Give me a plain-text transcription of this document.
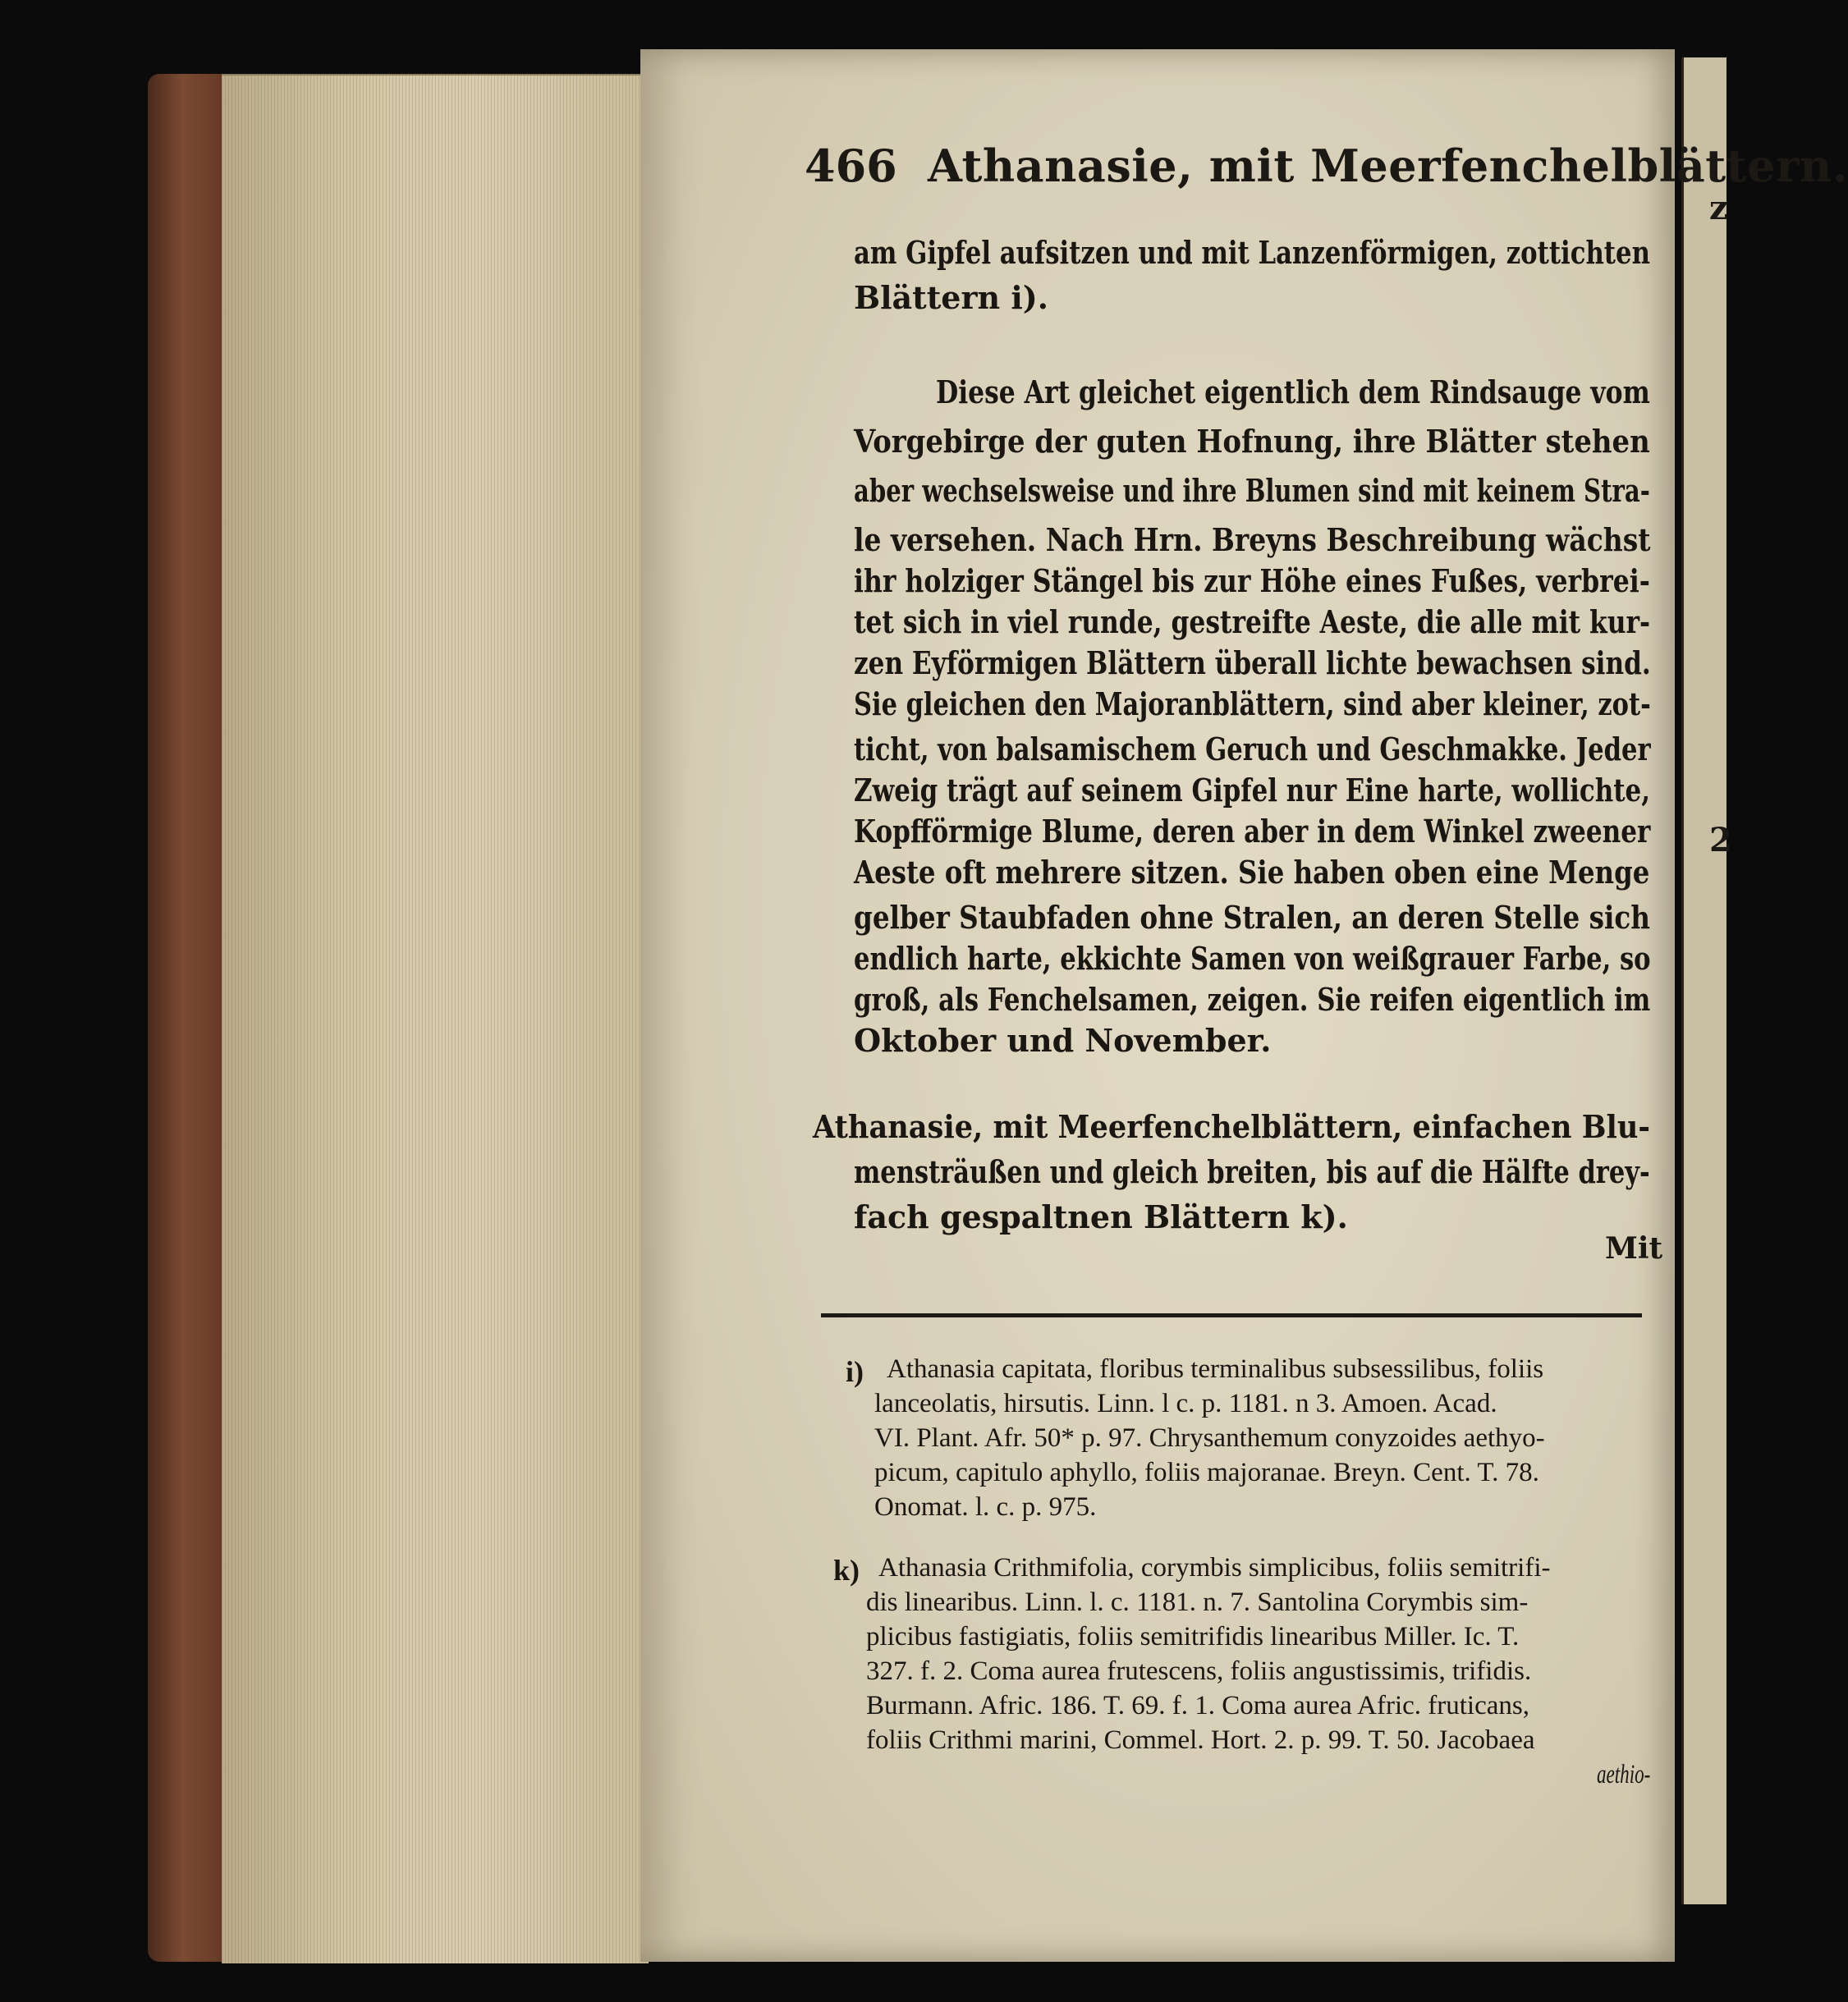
z
2
466 Athanasie, mit Meerfenchelblättern.
am Gipfel aufsitzen und mit Lanzenförmigen, zottichten
Blättern i).
Diese Art gleichet eigentlich dem Rindsauge vom
Vorgebirge der guten Hofnung, ihre Blätter stehen
aber wechselsweise und ihre Blumen sind mit keinem Stra-
le versehen. Nach Hrn. Breyns Beschreibung wächst
ihr holziger Stängel bis zur Höhe eines Fußes, verbrei-
tet sich in viel runde, gestreifte Aeste, die alle mit kur-
zen Eyförmigen Blättern überall lichte bewachsen sind.
Sie gleichen den Majoranblättern, sind aber kleiner, zot-
ticht, von balsamischem Geruch und Geschmakke. Jeder
Zweig trägt auf seinem Gipfel nur Eine harte, wollichte,
Kopfförmige Blume, deren aber in dem Winkel zweener
Aeste oft mehrere sitzen. Sie haben oben eine Menge
gelber Staubfaden ohne Stralen, an deren Stelle sich
endlich harte, ekkichte Samen von weißgrauer Farbe, so
groß, als Fenchelsamen, zeigen. Sie reifen eigentlich im
Oktober und November.
Athanasie, mit Meerfenchelblättern, einfachen Blu-
mensträußen und gleich breiten, bis auf die Hälfte drey-
fach gespaltnen Blättern k).
Mit
i) Athanasia capitata, floribus terminalibus subsessilibus, foliis
lanceolatis, hirsutis. Linn. l c. p. 1181. n 3. Amoen. Acad.
VI. Plant. Afr. 50* p. 97. Chrysanthemum conyzoides aethyo-
picum, capitulo aphyllo, foliis majoranae. Breyn. Cent. T. 78.
Onomat. l. c. p. 975.
k) Athanasia Crithmifolia, corymbis simplicibus, foliis semitrifi-
dis linearibus. Linn. l. c. 1181. n. 7. Santolina Corymbis sim-
plicibus fastigiatis, foliis semitrifidis linearibus Miller. Ic. T.
327. f. 2. Coma aurea frutescens, foliis angustissimis, trifidis.
Burmann. Afric. 186. T. 69. f. 1. Coma aurea Afric. fruticans,
foliis Crithmi marini, Commel. Hort. 2. p. 99. T. 50. Jacobaea
aethio-
